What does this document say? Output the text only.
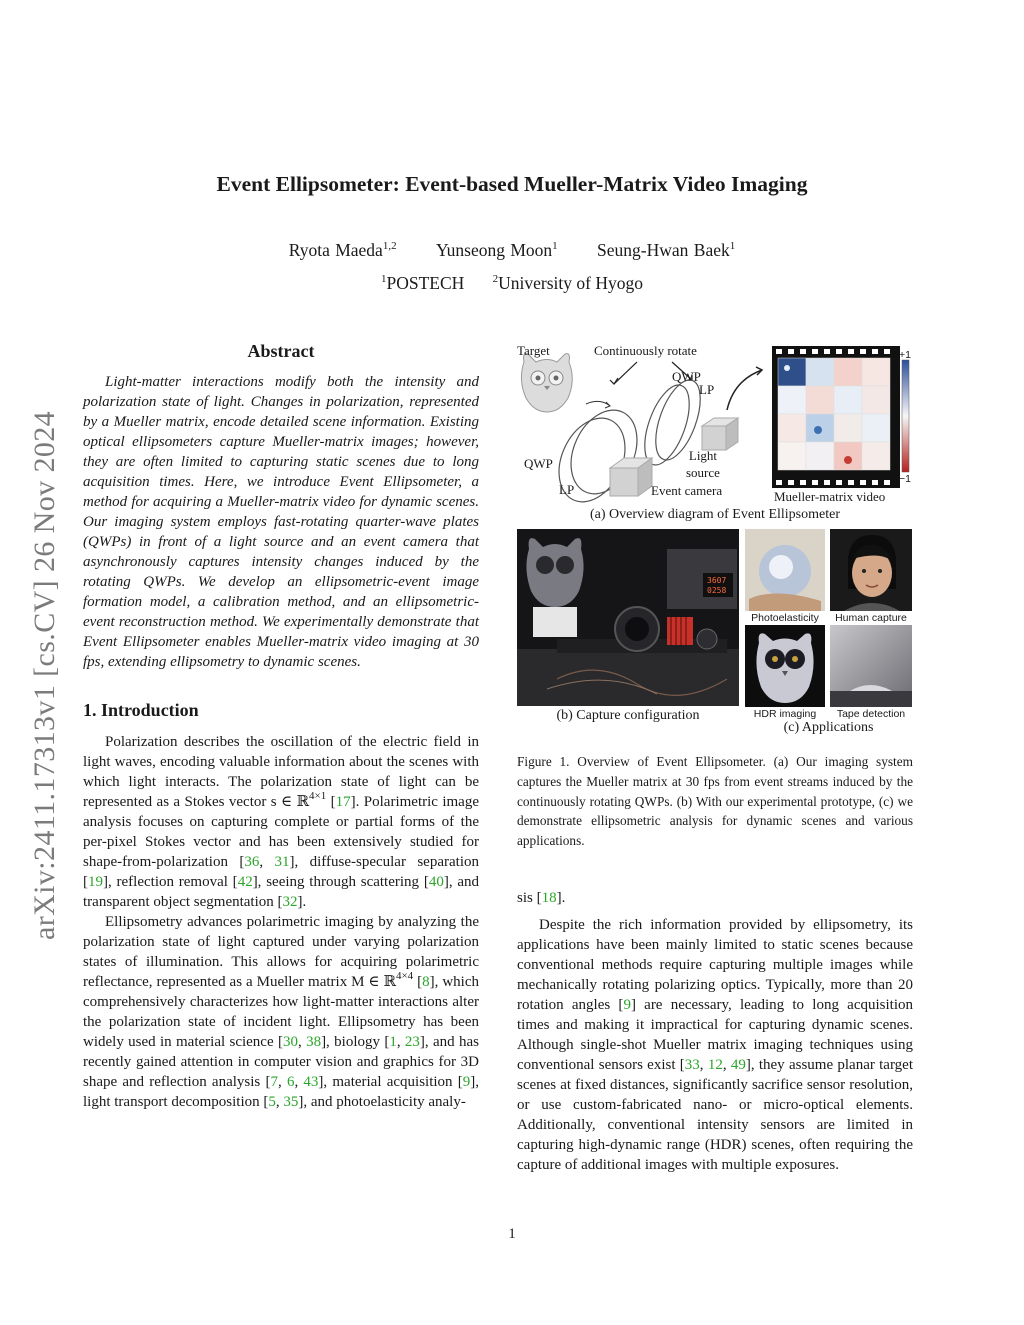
Event Ellipsometer: Event-based Mueller-Matrix Video Imaging
Ryota Maeda$^{1,2}$ Yunseong Moon$^1$ Seung-Hwan Baek$^1$
$^1$POSTECH	$^2$University of Hyogo
arXiv:2411.17313v1 [cs.CV] 26 Nov 2024

Abstract

Light-matter interactions modify both the intensity and polarization state of light. Changes in polarization, represented by a Mueller matrix, encode detailed scene information. Existing optical ellipsometers capture Mueller-matrix images; however, they are often limited to capturing static scenes due to long acquisition times. Here, we introduce Event Ellipsometer, a method for acquiring a Mueller-matrix video for dynamic scenes. Our imaging system employs fast-rotating quarter-wave plates (QWPs) in front of a light source and an event camera that asynchronously captures intensity changes induced by the rotating QWPs. We develop an ellipsometric-event image formation model, a calibration method, and an ellipsometric-event reconstruction method. We experimentally demonstrate that Event Ellipsometer enables Mueller-matrix video imaging at 30 fps, extending ellipsometry to dynamic scenes.

1. Introduction

Polarization describes the oscillation of the electric field in light waves, encoding valuable information about the scenes with which light interacts. The polarization state of light can be represented as a Stokes vector s ∈ ℝ$^{4\times 1}$ [17]. Polarimetric image analysis focuses on capturing complete or partial forms of the per-pixel Stokes vector and has been extensively studied for shape-from-polarization [36, 31], diffuse-specular separation [19], reflection removal [42], seeing through scattering [40], and transparent object segmentation [32].

Ellipsometry advances polarimetric imaging by analyzing the polarization state of light captured under varying polarization states of illumination. This allows for acquiring polarimetric reflectance, represented as a Mueller matrix M ∈ ℝ$^{4\times 4}$ [8], which comprehensively characterizes how light-matter interactions alter the polarization state of incident light. Ellipsometry has been widely used in material science [30, 38], biology [1, 23], and has recently gained attention in computer vision and graphics for 3D shape and reflection analysis [7, 6, 43], material acquisition [9], light transport decomposition [5, 35], and photoelasticity analy-

Target	Continuously rotate
QWP
LP
QWP
LP
Light
source
Event camera	Mueller-matrix video
+1
−1
(a) Overview diagram of Event Ellipsometer
3607
0258
(b) Capture configuration
Photoelasticity	Human capture
HDR imaging	Tape detection
(c) Applications
Figure 1. Overview of Event Ellipsometer. (a) Our imaging system captures the Mueller matrix at 30 fps from event streams induced by the continuously rotating QWPs. (b) With our experimental prototype, (c) we demonstrate ellipsometric analysis for dynamic scenes and various applications.

sis [18].

Despite the rich information provided by ellipsometry, its applications have been mainly limited to static scenes because conventional methods require capturing multiple images while mechanically rotating polarizing optics. Typically, more than 20 rotation angles [9] are necessary, leading to long acquisition times and making it impractical for capturing dynamic scenes. Although single-shot Mueller matrix imaging techniques using conventional sensors exist [33, 12, 49], they assume planar target scenes at fixed distances, significantly sacrifice sensor resolution, or use custom-fabricated nano- or micro-optical elements. Additionally, conventional intensity sensors are limited in capturing high-dynamic range (HDR) scenes, often requiring the capture of additional images with multiple exposures.

1
